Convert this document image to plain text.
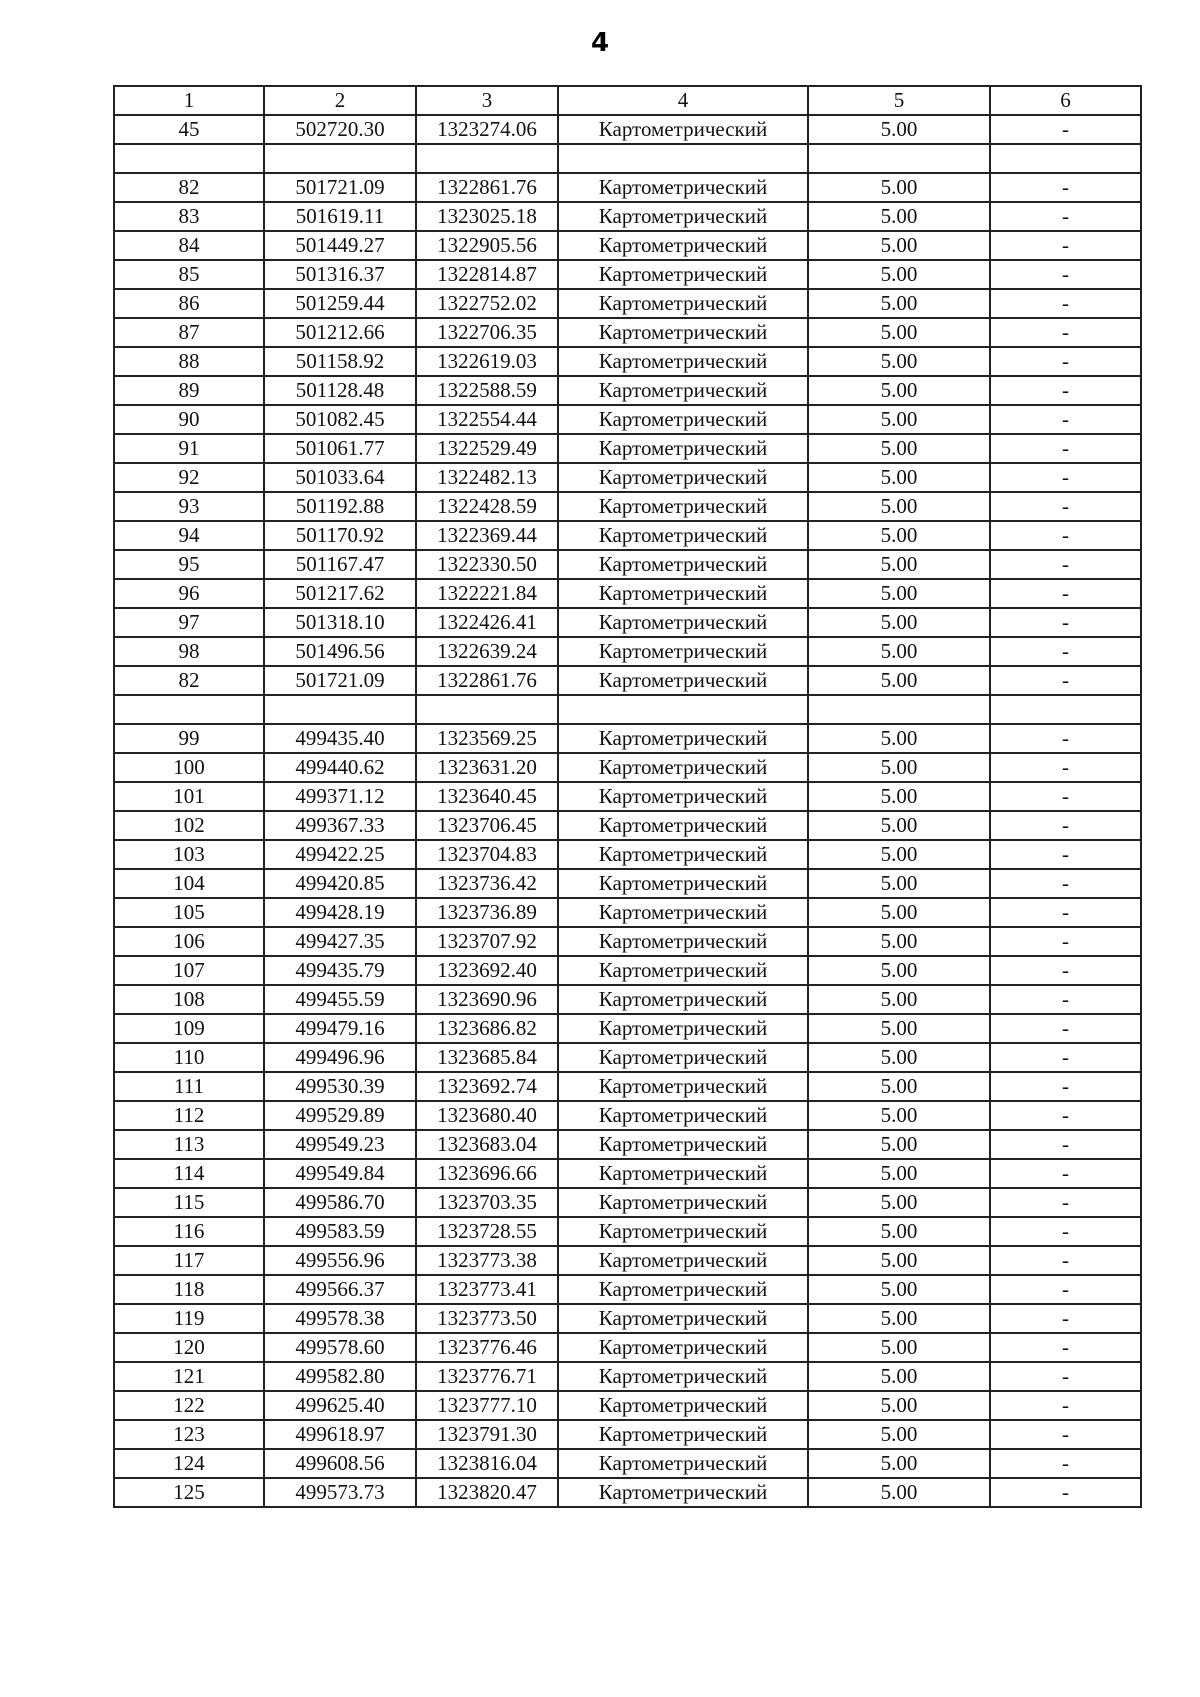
4
1	2	3	4	5	6
45	502720.30	1323274.06	Картометрический	5.00	-

82	501721.09	1322861.76	Картометрический	5.00	-
83	501619.11	1323025.18	Картометрический	5.00	-
84	501449.27	1322905.56	Картометрический	5.00	-
85	501316.37	1322814.87	Картометрический	5.00	-
86	501259.44	1322752.02	Картометрический	5.00	-
87	501212.66	1322706.35	Картометрический	5.00	-
88	501158.92	1322619.03	Картометрический	5.00	-
89	501128.48	1322588.59	Картометрический	5.00	-
90	501082.45	1322554.44	Картометрический	5.00	-
91	501061.77	1322529.49	Картометрический	5.00	-
92	501033.64	1322482.13	Картометрический	5.00	-
93	501192.88	1322428.59	Картометрический	5.00	-
94	501170.92	1322369.44	Картометрический	5.00	-
95	501167.47	1322330.50	Картометрический	5.00	-
96	501217.62	1322221.84	Картометрический	5.00	-
97	501318.10	1322426.41	Картометрический	5.00	-
98	501496.56	1322639.24	Картометрический	5.00	-
82	501721.09	1322861.76	Картометрический	5.00	-

99	499435.40	1323569.25	Картометрический	5.00	-
100	499440.62	1323631.20	Картометрический	5.00	-
101	499371.12	1323640.45	Картометрический	5.00	-
102	499367.33	1323706.45	Картометрический	5.00	-
103	499422.25	1323704.83	Картометрический	5.00	-
104	499420.85	1323736.42	Картометрический	5.00	-
105	499428.19	1323736.89	Картометрический	5.00	-
106	499427.35	1323707.92	Картометрический	5.00	-
107	499435.79	1323692.40	Картометрический	5.00	-
108	499455.59	1323690.96	Картометрический	5.00	-
109	499479.16	1323686.82	Картометрический	5.00	-
110	499496.96	1323685.84	Картометрический	5.00	-
111	499530.39	1323692.74	Картометрический	5.00	-
112	499529.89	1323680.40	Картометрический	5.00	-
113	499549.23	1323683.04	Картометрический	5.00	-
114	499549.84	1323696.66	Картометрический	5.00	-
115	499586.70	1323703.35	Картометрический	5.00	-
116	499583.59	1323728.55	Картометрический	5.00	-
117	499556.96	1323773.38	Картометрический	5.00	-
118	499566.37	1323773.41	Картометрический	5.00	-
119	499578.38	1323773.50	Картометрический	5.00	-
120	499578.60	1323776.46	Картометрический	5.00	-
121	499582.80	1323776.71	Картометрический	5.00	-
122	499625.40	1323777.10	Картометрический	5.00	-
123	499618.97	1323791.30	Картометрический	5.00	-
124	499608.56	1323816.04	Картометрический	5.00	-
125	499573.73	1323820.47	Картометрический	5.00	-
